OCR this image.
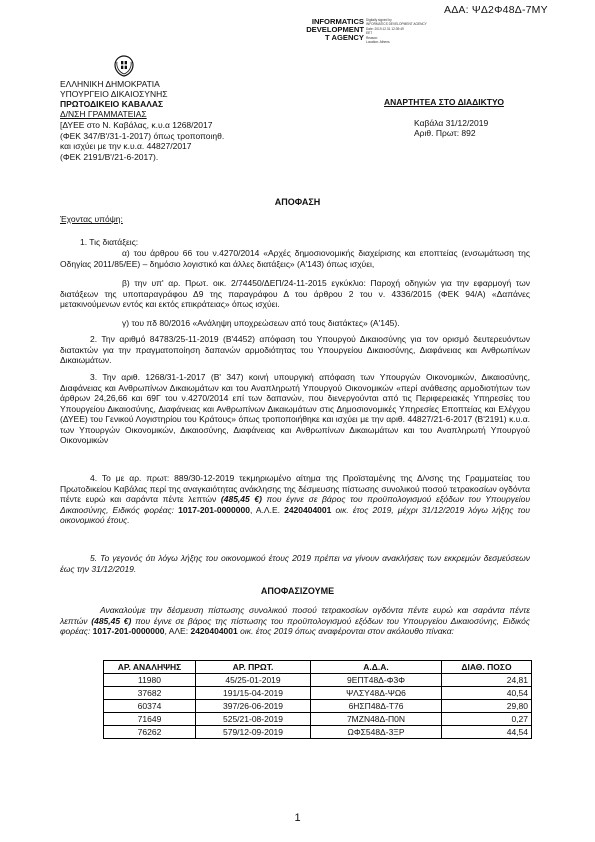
ΑΔΑ: ΨΔ2Φ48Δ-7ΜΥ
INFORMATICS
DEVELOPMENT
T AGENCY
Digitally signed by
INFORMATICS DEVELOPMENT AGENCY
Date: 2019.12.31 12:39:49
EET
Reason:
Location: Athens
ΕΛΛΗΝΙΚΗ ΔΗΜΟΚΡΑΤΙΑ
ΥΠΟΥΡΓΕΙΟ ΔΙΚΑΙΟΣΥΝΗΣ
ΠΡΩΤΟΔΙΚΕΙΟ ΚΑΒΑΛΑΣ
Δ/ΝΣΗ ΓΡΑΜΜΑΤΕΙΑΣ
[ΔΥΕΕ στο Ν. Καβάλας, κ.υ.α 1268/2017
(ΦΕΚ 347/Β'/31-1-2017) όπως τροποποιηθ.
και ισχύει με την κ.υ.α. 44827/2017
(ΦΕΚ 2191/Β'/21-6-2017).
ΑΝΑΡΤΗΤΕΑ ΣΤΟ ΔΙΑΔΙΚΤΥΟ
Καβάλα 31/12/2019
Αριθ. Πρωτ: 892
ΑΠΟΦΑΣΗ
Έχοντας υπόψη:
1. Τις διατάξεις:
α) του άρθρου 66 του ν.4270/2014 «Αρχές δημοσιονομικής διαχείρισης και εποπτείας (ενσωμάτωση της Οδηγίας 2011/85/ΕΕ) – δημόσιο λογιστικό και άλλες διατάξεις» (Α'143) όπως ισχύει,
β) την υπ' αρ. Πρωτ. οικ. 2/74450/ΔΕΠ/24-11-2015 εγκύκλιο: Παροχή οδηγιών για την εφαρμογή των διατάξεων της υποπαραγράφου Δ9 της παραγράφου Δ του άρθρου 2 του ν. 4336/2015 (ΦΕΚ 94/Α) «Δαπάνες μετακινούμενων εντός και εκτός επικράτειας» όπως ισχύει.
γ) του πδ 80/2016 «Ανάληψη υποχρεώσεων από τους διατάκτες» (Α'145).
2. Την αριθμό 84783/25-11-2019 (Β'4452) απόφαση του Υπουργού Δικαιοσύνης για τον ορισμό δευτερευόντων διατακτών για την πραγματοποίηση δαπανών αρμοδιότητας του Υπουργείου Δικαιοσύνης, Διαφάνειας και Ανθρωπίνων Δικαιωμάτων.
3. Την αριθ. 1268/31-1-2017 (Β' 347) κοινή υπουργική απόφαση των Υπουργών Οικονομικών, Δικαιοσύνης, Διαφάνειας και Ανθρωπίνων Δικαιωμάτων και του Αναπληρωτή Υπουργού Οικονομικών «περί ανάθεσης αρμοδιοτήτων των άρθρων 24,26,66 και 69Γ του ν.4270/2014 επί των δαπανών, που διενεργούνται από τις Περιφερειακές Υπηρεσίες του Υπουργείου Δικαιοσύνης, Διαφάνειας και Ανθρωπίνων Δικαιωμάτων στις Δημοσιονομικές Υπηρεσίες Εποπτείας και Ελέγχου (ΔΥΕΕ) του Γενικού Λογιστηρίου του Κράτους» όπως τροποποιήθηκε και ισχύει με την αριθ. 44827/21-6-2017 (Β'2191) κ.υ.α. των Υπουργών Οικονομικών, Δικαιοσύνης, Διαφάνειας και Ανθρωπίνων Δικαιωμάτων και του Αναπληρωτή Υπουργού Οικονομικών
4. Το με αρ. πρωτ: 889/30-12-2019 τεκμηριωμένο αίτημα της Προϊσταμένης της Δ/νσης της Γραμματείας του Πρωτοδικείου Καβάλας περί της αναγκαιότητας ανάκλησης της δέσμευσης πίστωσης συνολικού ποσού τετρακοσίων ογδόντα πέντε ευρώ και σαράντα πέντε λεπτών (485,45 €) που έγινε σε βάρος του προϋπολογισμού εξόδων του Υπουργείου Δικαιοσύνης, Ειδικός φορέας: 1017-201-0000000, Α.Λ.Ε. 2420404001 οικ. έτος 2019, μέχρι 31/12/2019 λόγω λήξης του οικονομικού έτους.
5. Το γεγονός ότι λόγω λήξης του οικονομικού έτους 2019 πρέπει να γίνουν ανακλήσεις των εκκρεμών δεσμεύσεων έως την 31/12/2019.
ΑΠΟΦΑΣΙΖΟΥΜΕ
Ανακαλούμε την δέσμευση πίστωσης συνολικού ποσού τετρακοσίων ογδόντα πέντε ευρώ και σαράντα πέντε λεπτών (485,45 €) που έγινε σε βάρος της πίστωσης του προϋπολογισμού εξόδων του Υπουργείου Δικαιοσύνης, Ειδικός φορέας: 1017-201-0000000, ΑΛΕ: 2420404001 οικ. έτος 2019 όπως αναφέρονται στον ακόλουθο πίνακα:
ΑΡ. ΑΝΑΛΗΨΗΣ	ΑΡ. ΠΡΩΤ.	Α.Δ.Α.	ΔΙΑΘ. ΠΟΣΟ
11980	45/25-01-2019	9ΕΠΤ48Δ-Φ3Φ	24,81
37682	191/15-04-2019	ΨΛΣΥ48Δ-ΨΩ6	40,54
60374	397/26-06-2019	6ΗΣΠ48Δ-Τ76	29,80
71649	525/21-08-2019	7ΜΖΝ48Δ-Π0Ν	0,27
76262	579/12-09-2019	ΩΦΣ548Δ-3ΞΡ	44,54
1
